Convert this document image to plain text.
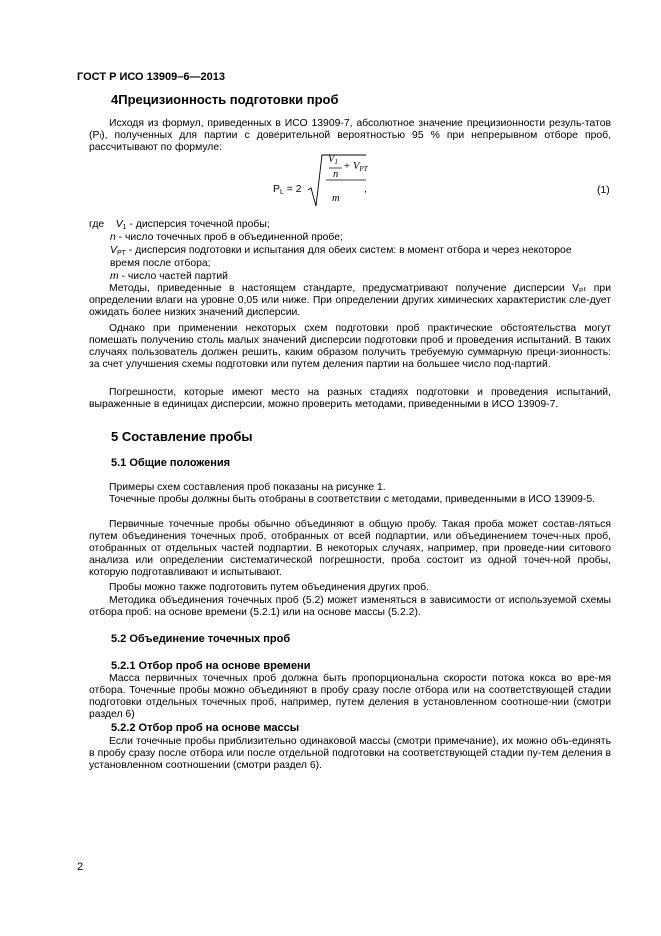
ГОСТ Р ИСО 13909–6—2013
4Прецизионность подготовки проб
Исходя из формул, приведенных в ИСО 13909-7, абсолютное значение прецизионности резуль-татов (Pₗ), полученных для партии с доверительной вероятностью 95 % при непрерывном отборе проб, рассчитывают по формуле:
$P_L = 2$
$V_1 + V_{PT}$
n
m
,	(1)
где $V_1$ - дисперсия точечной пробы;
n - число точечных проб в объединенной пробе;
$V_{PT}$ - дисперсия подготовки и испытания для обеих систем: в момент отбора и через некоторое
время после отбора;
m - число частей партий
Методы, приведенные в настоящем стандарте, предусматривают получение дисперсии Vₚₜ при определении влаги на уровне 0,05 или ниже. При определении других химических характеристик сле-дует ожидать более низких значений дисперсии.
Однако при применении некоторых схем подготовки проб практические обстоятельства могут помешать получению столь малых значений дисперсии подготовки проб и проведения испытаний. В таких случаях пользователь должен решить, каким образом получить требуемую суммарную преци-зионность: за счет улучшения схемы подготовки или путем деления партии на большее число под-партий.
Погрешности, которые имеют место на разных стадиях подготовки и проведения испытаний, выраженные в единицах дисперсии, можно проверить методами, приведенными в ИСО 13909-7.
5 Составление пробы
5.1 Общие положения
Примеры схем составления проб показаны на рисунке 1.
Точечные пробы должны быть отобраны в соответствии с методами, приведенными в ИСО 13909-5.
Первичные точечные пробы обычно объединяют в общую пробу. Такая проба может состав-ляться путем объединения точечных проб, отобранных от всей подпартии, или объединением точеч-ных проб, отобранных от отдельных частей подпартии. В некоторых случаях, например, при проведе-нии ситового анализа или определении систематической погрешности, проба состоит из одной точеч-ной пробы, которую подготавливают и испытывают.
Пробы можно также подготовить путем объединения других проб.
Методика объединения точечных проб (5.2) может изменяться в зависимости от используемой схемы отбора проб: на основе времени (5.2.1) или на основе массы (5.2.2).
5.2 Объединение точечных проб
5.2.1 Отбор проб на основе времени
Масса первичных точечных проб должна быть пропорциональна скорости потока кокса во вре-мя отбора. Точечные пробы можно объединяют в пробу сразу после отбора или на соответствующей стадии подготовки отдельных точечных проб, например, путем деления в установленном соотноше-нии (смотри раздел 6)
5.2.2 Отбор проб на основе массы
Если точечные пробы приблизительно одинаковой массы (смотри примечание), их можно объ-единять в пробу сразу после отбора или после отдельной подготовки на соответствующей стадии пу-тем деления в установленном соотношении (смотри раздел 6).
2
